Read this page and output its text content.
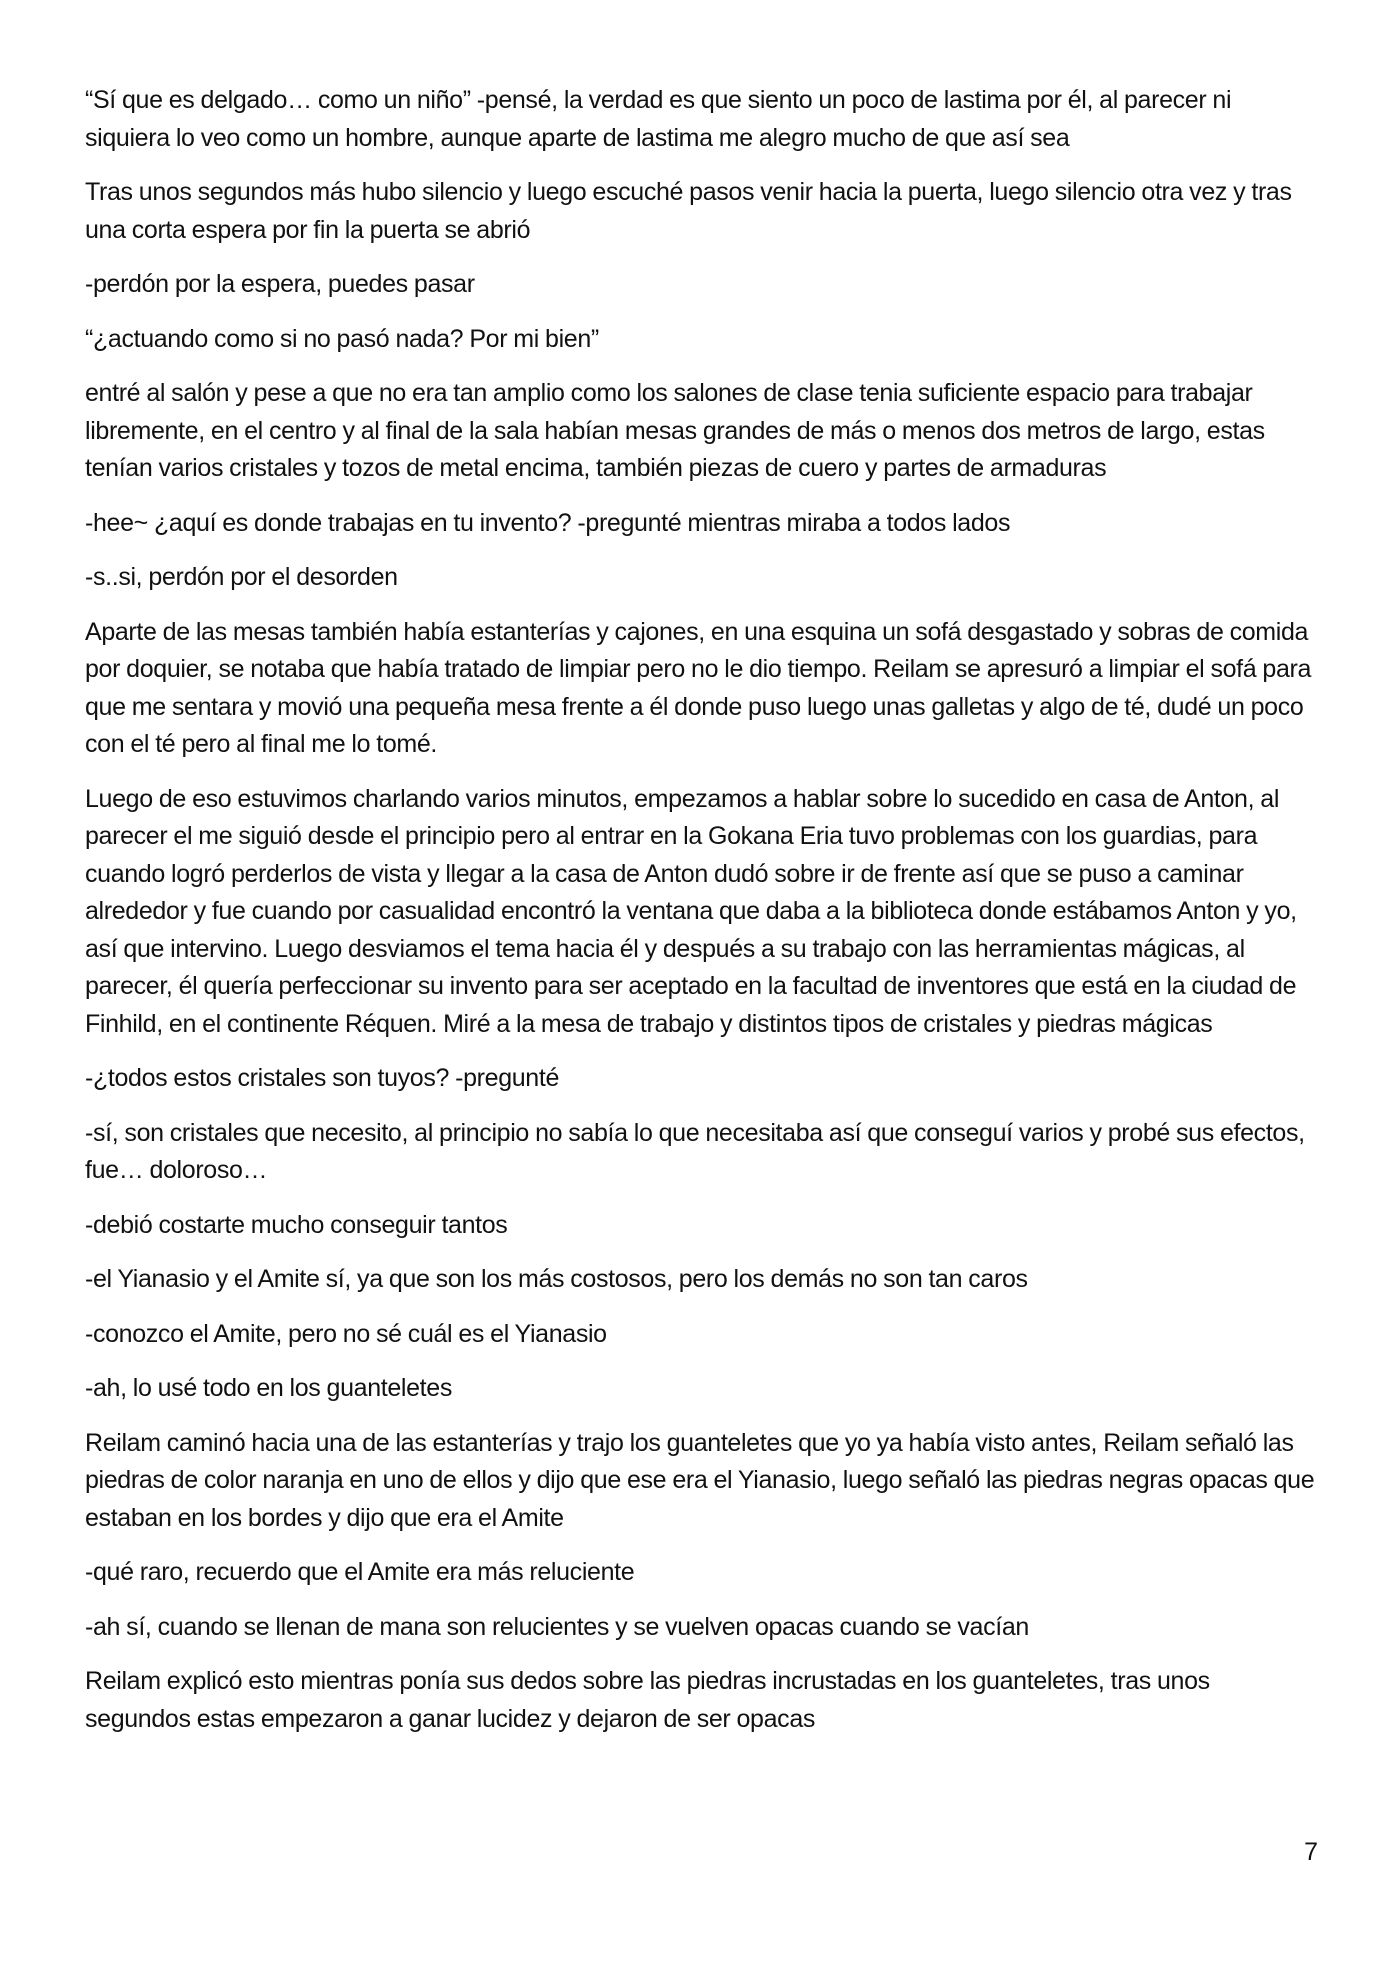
“Sí que es delgado… como un niño” -pensé, la verdad es que siento un poco de lastima por él, al parecer ni siquiera lo veo como un hombre, aunque aparte de lastima me alegro mucho de que así sea

Tras unos segundos más hubo silencio y luego escuché pasos venir hacia la puerta, luego silencio otra vez y tras una corta espera por fin la puerta se abrió

-perdón por la espera, puedes pasar

“¿actuando como si no pasó nada? Por mi bien”

entré al salón y pese a que no era tan amplio como los salones de clase tenia suficiente espacio para trabajar libremente, en el centro y al final de la sala habían mesas grandes de más o menos dos metros de largo, estas tenían varios cristales y tozos de metal encima, también piezas de cuero y partes de armaduras

-hee~ ¿aquí es donde trabajas en tu invento? -pregunté mientras miraba a todos lados

-s..si, perdón por el desorden

Aparte de las mesas también había estanterías y cajones, en una esquina un sofá desgastado y sobras de comida por doquier, se notaba que había tratado de limpiar pero no le dio tiempo. Reilam se apresuró a limpiar el sofá para que me sentara y movió una pequeña mesa frente a él donde puso luego unas galletas y algo de té, dudé un poco con el té pero al final me lo tomé.

Luego de eso estuvimos charlando varios minutos, empezamos a hablar sobre lo sucedido en casa de Anton, al parecer el me siguió desde el principio pero al entrar en la Gokana Eria tuvo problemas con los guardias, para cuando logró perderlos de vista y llegar a la casa de Anton dudó sobre ir de frente así que se puso a caminar alrededor y fue cuando por casualidad encontró la ventana que daba a la biblioteca donde estábamos Anton y yo, así que intervino. Luego desviamos el tema hacia él y después a su trabajo con las herramientas mágicas, al parecer, él quería perfeccionar su invento para ser aceptado en la facultad de inventores que está en la ciudad de Finhild, en el continente Réquen. Miré a la mesa de trabajo y distintos tipos de cristales y piedras mágicas

-¿todos estos cristales son tuyos? -pregunté

-sí, son cristales que necesito, al principio no sabía lo que necesitaba así que conseguí varios y probé sus efectos, fue… doloroso…

-debió costarte mucho conseguir tantos

-el Yianasio y el Amite sí, ya que son los más costosos, pero los demás no son tan caros

-conozco el Amite, pero no sé cuál es el Yianasio

-ah, lo usé todo en los guanteletes

Reilam caminó hacia una de las estanterías y trajo los guanteletes que yo ya había visto antes, Reilam señaló las piedras de color naranja en uno de ellos y dijo que ese era el Yianasio, luego señaló las piedras negras opacas que estaban en los bordes y dijo que era el Amite

-qué raro, recuerdo que el Amite era más reluciente

-ah sí, cuando se llenan de mana son relucientes y se vuelven opacas cuando se vacían

Reilam explicó esto mientras ponía sus dedos sobre las piedras incrustadas en los guanteletes, tras unos segundos estas empezaron a ganar lucidez y dejaron de ser opacas

7
